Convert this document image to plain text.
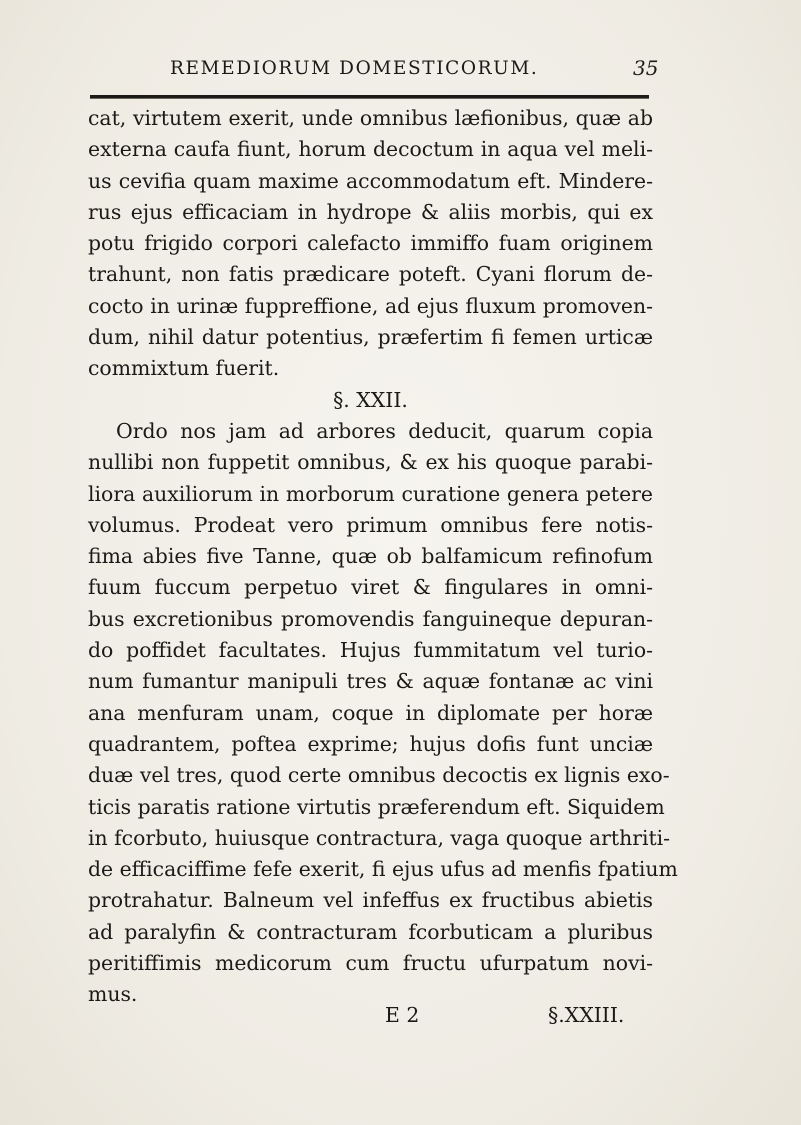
REMEDIORUM DOMESTICORUM.	35
cat, virtutem exerit, unde omnibus læfionibus, quæ ab
externa caufa fiunt, horum decoctum in aqua vel meli-
us cevifia quam maxime accommodatum eft. Mindere-
rus ejus efficaciam in hydrope & aliis morbis, qui ex
potu frigido corpori calefacto immiffo fuam originem
trahunt, non fatis prædicare poteft. Cyani florum de-
cocto in urinæ fuppreffione, ad ejus fluxum promoven-
dum, nihil datur potentius, præfertim fi femen urticæ
commixtum fuerit.
§. XXII.
Ordo nos jam ad arbores deducit, quarum copia
nullibi non fuppetit omnibus, & ex his quoque parabi-
liora auxiliorum in morborum curatione genera petere
volumus. Prodeat vero primum omnibus fere notis-
fima abies five Tanne, quæ ob balfamicum refinofum
fuum fuccum perpetuo viret & fingulares in omni-
bus excretionibus promovendis fanguineque depuran-
do poffidet facultates. Hujus fummitatum vel turio-
num fumantur manipuli tres & aquæ fontanæ ac vini
ana menfuram unam, coque in diplomate per horæ
quadrantem, poftea exprime; hujus dofis funt unciæ
duæ vel tres, quod certe omnibus decoctis ex lignis exo-
ticis paratis ratione virtutis præferendum eft. Siquidem
in fcorbuto, huiusque contractura, vaga quoque arthriti-
de efficaciffime fefe exerit, fi ejus ufus ad menfis fpatium
protrahatur. Balneum vel infeffus ex fructibus abietis
ad paralyfin & contracturam fcorbuticam a pluribus
peritiffimis medicorum cum fructu ufurpatum novi-
mus.
E 2	§.XXIII.
